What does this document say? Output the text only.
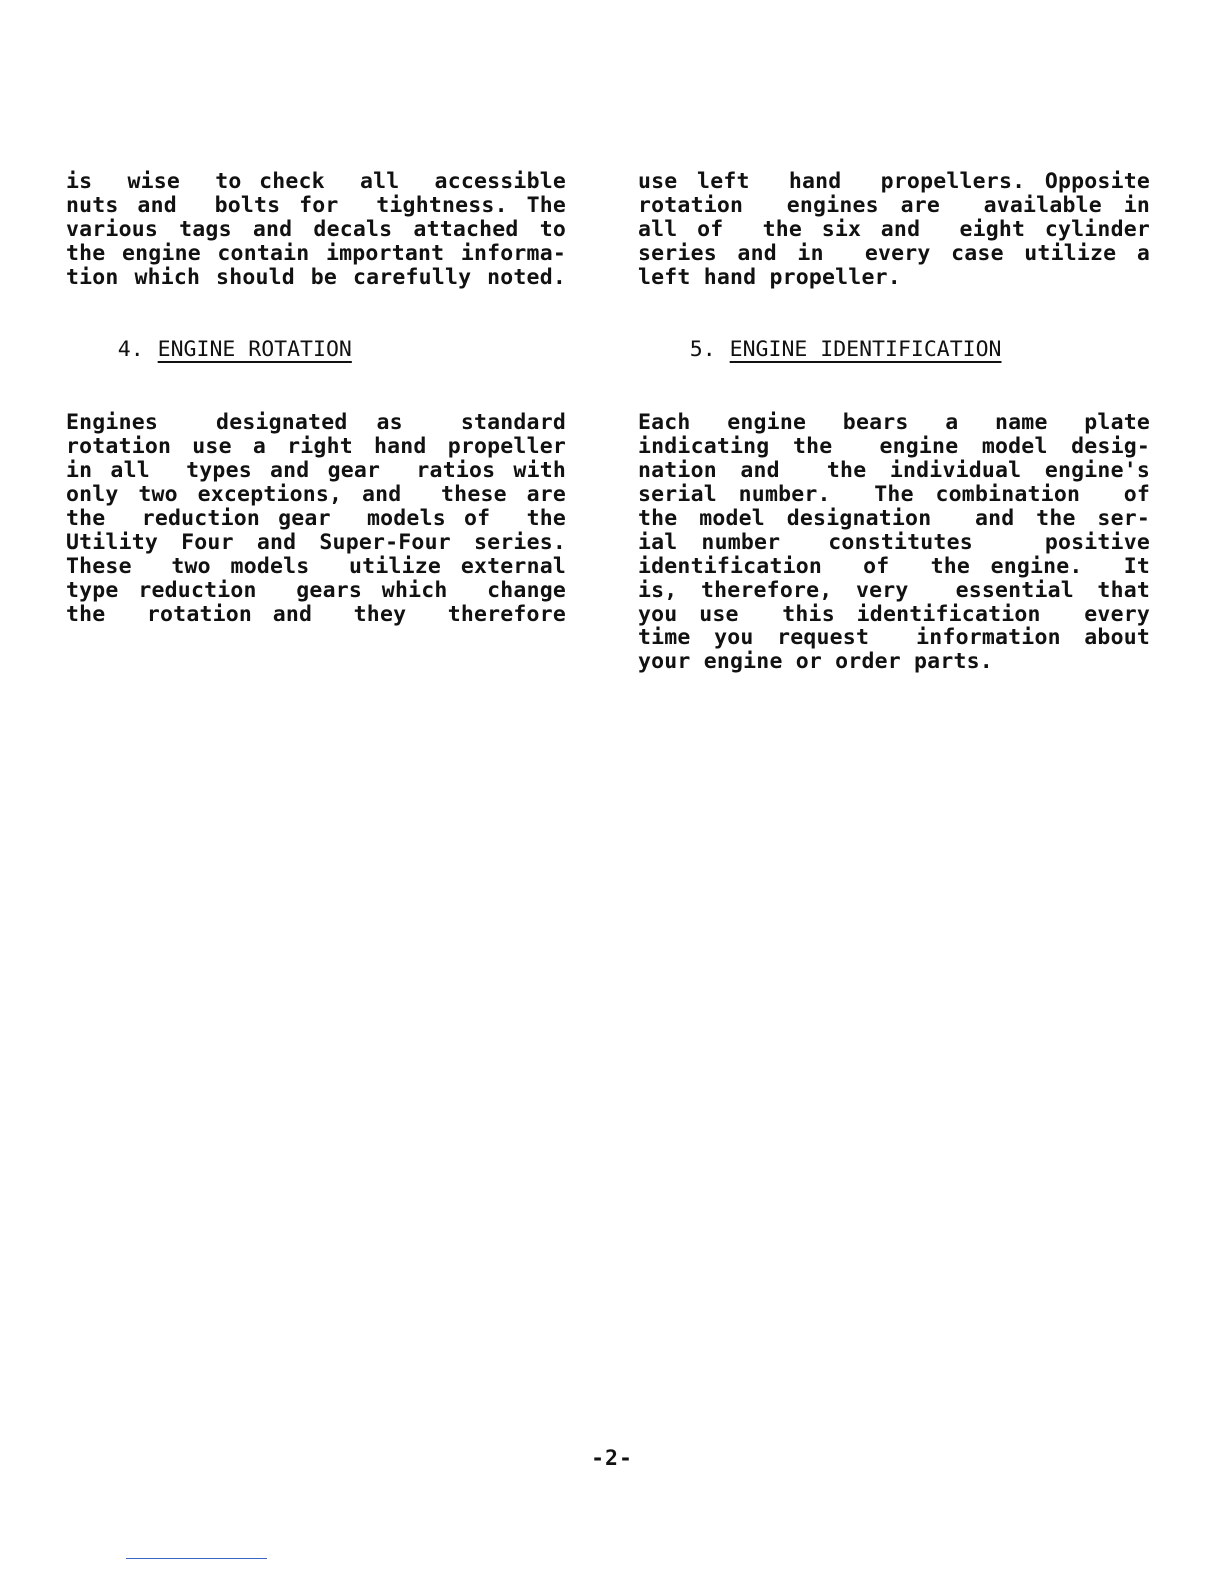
is  wise  to check  all  accessible
nuts and  bolts for  tightness. The
various tags and decals attached to
the engine contain important informa-
tion which should be carefully noted.

4. ENGINE ROTATION

Engines  designated as  standard
rotation use a right hand propeller
in all  types and gear  ratios with
only two exceptions, and  these are
the  reduction gear  models of  the
Utility Four and Super-Four series.
These  two models  utilize external
type reduction  gears which  change
the  rotation and  they  therefore
use left  hand  propellers. Opposite
rotation  engines are  available in
all of  the six and  eight cylinder
series and in  every case utilize a
left hand propeller.

5. ENGINE IDENTIFICATION

Each  engine  bears  a  name  plate
indicating the  engine model desig-
nation and  the individual engine's
serial number.  The combination  of
the model designation  and the ser-
ial number  constitutes   positive
identification  of  the engine.  It
is, therefore, very  essential that
you use  this identification  every
time you request  information about
your engine or order parts.
-2-
